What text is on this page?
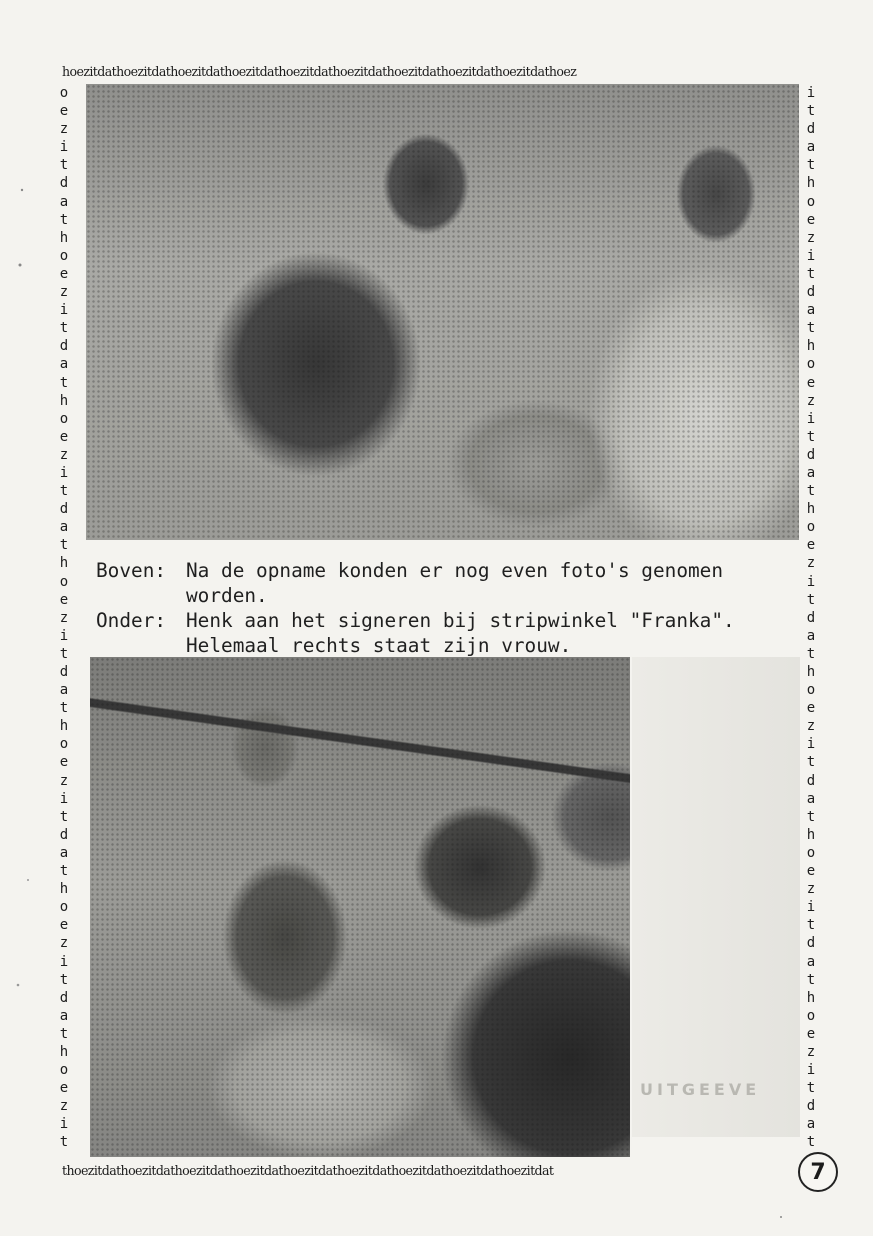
hoezitdathoezitdathoezitdathoezitdathoezitdathoezitdathoezitdathoezitdathoezitdathoez
o
e
z
i
t
d
a
t
h
o
e
z
i
t
d
a
t
h
o
e
z
i
t
d
a
t
h
o
e
z
i
t
d
a
t
h
o
e
z
i
t
d
a
t
h
o
e
z
i
t
d
a
t
h
o
e
z
i
t

i
t
d
a
t
h
o
e
z
i
t
d
a
t
h
o
e
z
i
t
d
a
t
h
o
e
z
i
t
d
a
t
h
o
e
z
i
t
d
a
t
h
o
e
z
i
t
d
a
t
h
o
e
z
i
t
d
a
t

Boven:	Na de opname konden er nog even foto's genomen
worden.
Onder:	Henk aan het signeren bij stripwinkel "Franka".
Helemaal rechts staat zijn vrouw.
UITGEEVE
thoezitdathoezitdathoezitdathoezitdathoezitdathoezitdathoezitdathoezitdathoezitdat	7
